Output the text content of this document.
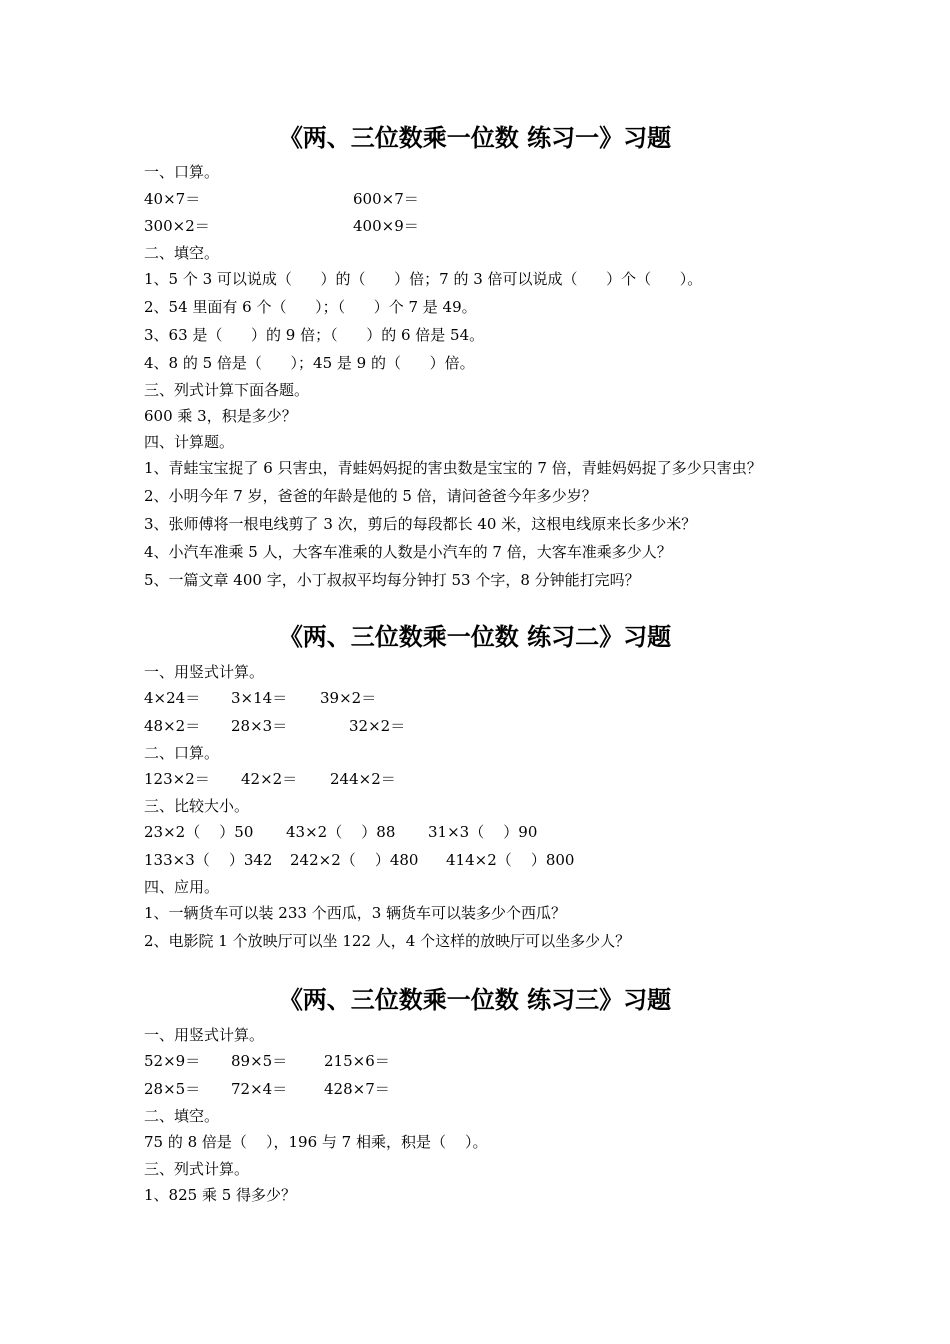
《两、三位数乘一位数 练习一》习题
一、口算。
40×7＝	600×7＝
300×2＝	400×9＝
二、填空。
1、5 个 3 可以说成（      ）的（      ）倍；7 的 3 倍可以说成（      ）个（      ）。
2、54 里面有 6 个（      ）；（      ）个 7 是 49。
3、63 是（      ）的 9 倍；（      ）的 6 倍是 54。
4、8 的 5 倍是（      ）；45 是 9 的（      ）倍。
三、列式计算下面各题。
600 乘 3，积是多少？
四、计算题。
1、青蛙宝宝捉了 6 只害虫，青蛙妈妈捉的害虫数是宝宝的 7 倍，青蛙妈妈捉了多少只害虫？
2、小明今年 7 岁，爸爸的年龄是他的 5 倍，请问爸爸今年多少岁？
3、张师傅将一根电线剪了 3 次，剪后的每段都长 40 米，这根电线原来长多少米？
4、小汽车准乘 5 人，大客车准乘的人数是小汽车的 7 倍，大客车准乘多少人？
5、一篇文章 400 字，小丁叔叔平均每分钟打 53 个字，8 分钟能打完吗？
《两、三位数乘一位数 练习二》习题
一、用竖式计算。
4×24＝ 3×14＝ 39×2＝
48×2＝ 28×3＝	32×2＝
二、口算。
123×2＝ 42×2＝ 244×2＝
三、比较大小。
23×2（    ）50 43×2（    ）88 31×3（    ）90
133×3（    ）342 242×2（    ）480 414×2（    ）800
四、应用。
1、一辆货车可以装 233 个西瓜，3 辆货车可以装多少个西瓜？
2、电影院 1 个放映厅可以坐 122 人，4 个这样的放映厅可以坐多少人？
《两、三位数乘一位数 练习三》习题
一、用竖式计算。
52×9＝ 89×5＝ 215×6＝
28×5＝ 72×4＝ 428×7＝
二、填空。
75 的 8 倍是（    ），196 与 7 相乘，积是（    ）。
三、列式计算。
1、825 乘 5 得多少？
